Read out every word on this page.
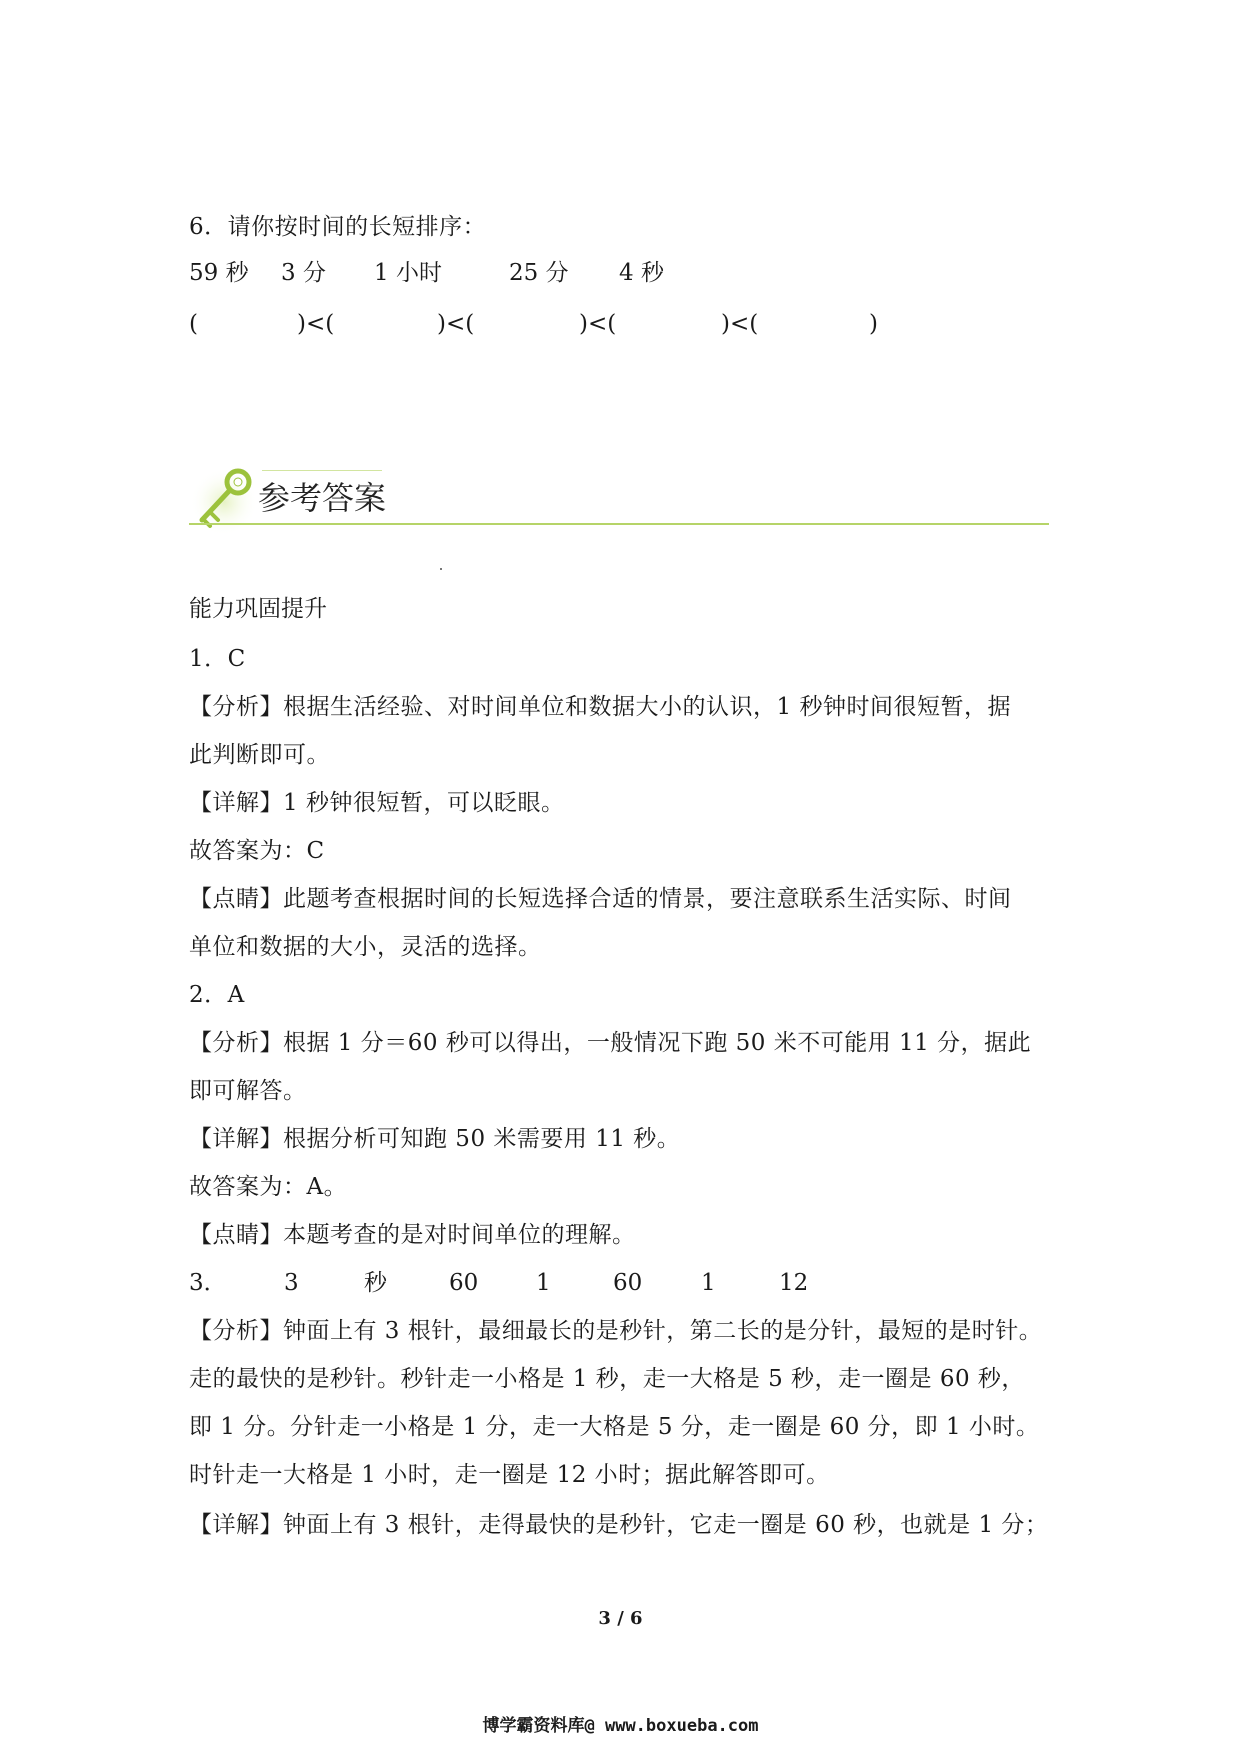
6．请你按时间的长短排序：
59 秒 3 分 1 小时	25 分 4 秒
(	)<(	)<(	)<(	)<(	)
参考答案
能力巩固提升
1．C
【分析】根据生活经验、对时间单位和数据大小的认识，1 秒钟时间很短暂，据
此判断即可。
【详解】1 秒钟很短暂，可以眨眼。
故答案为：C
【点睛】此题考查根据时间的长短选择合适的情景，要注意联系生活实际、时间
单位和数据的大小，灵活的选择。
2．A
【分析】根据 1 分＝60 秒可以得出，一般情况下跑 50 米不可能用 11 分，据此
即可解答。
【详解】根据分析可知跑 50 米需要用 11 秒。
故答案为：A。
【点睛】本题考查的是对时间单位的理解。
3． 3	秒	60	1	60	1	12
【分析】钟面上有 3 根针，最细最长的是秒针，第二长的是分针，最短的是时针。
走的最快的是秒针。秒针走一小格是 1 秒，走一大格是 5 秒，走一圈是 60 秒，
即 1 分。分针走一小格是 1 分，走一大格是 5 分，走一圈是 60 分，即 1 小时。
时针走一大格是 1 小时，走一圈是 12 小时；据此解答即可。
【详解】钟面上有 3 根针，走得最快的是秒针，它走一圈是 60 秒，也就是 1 分；
3 / 6
博学霸资料库@ www.boxueba.com
